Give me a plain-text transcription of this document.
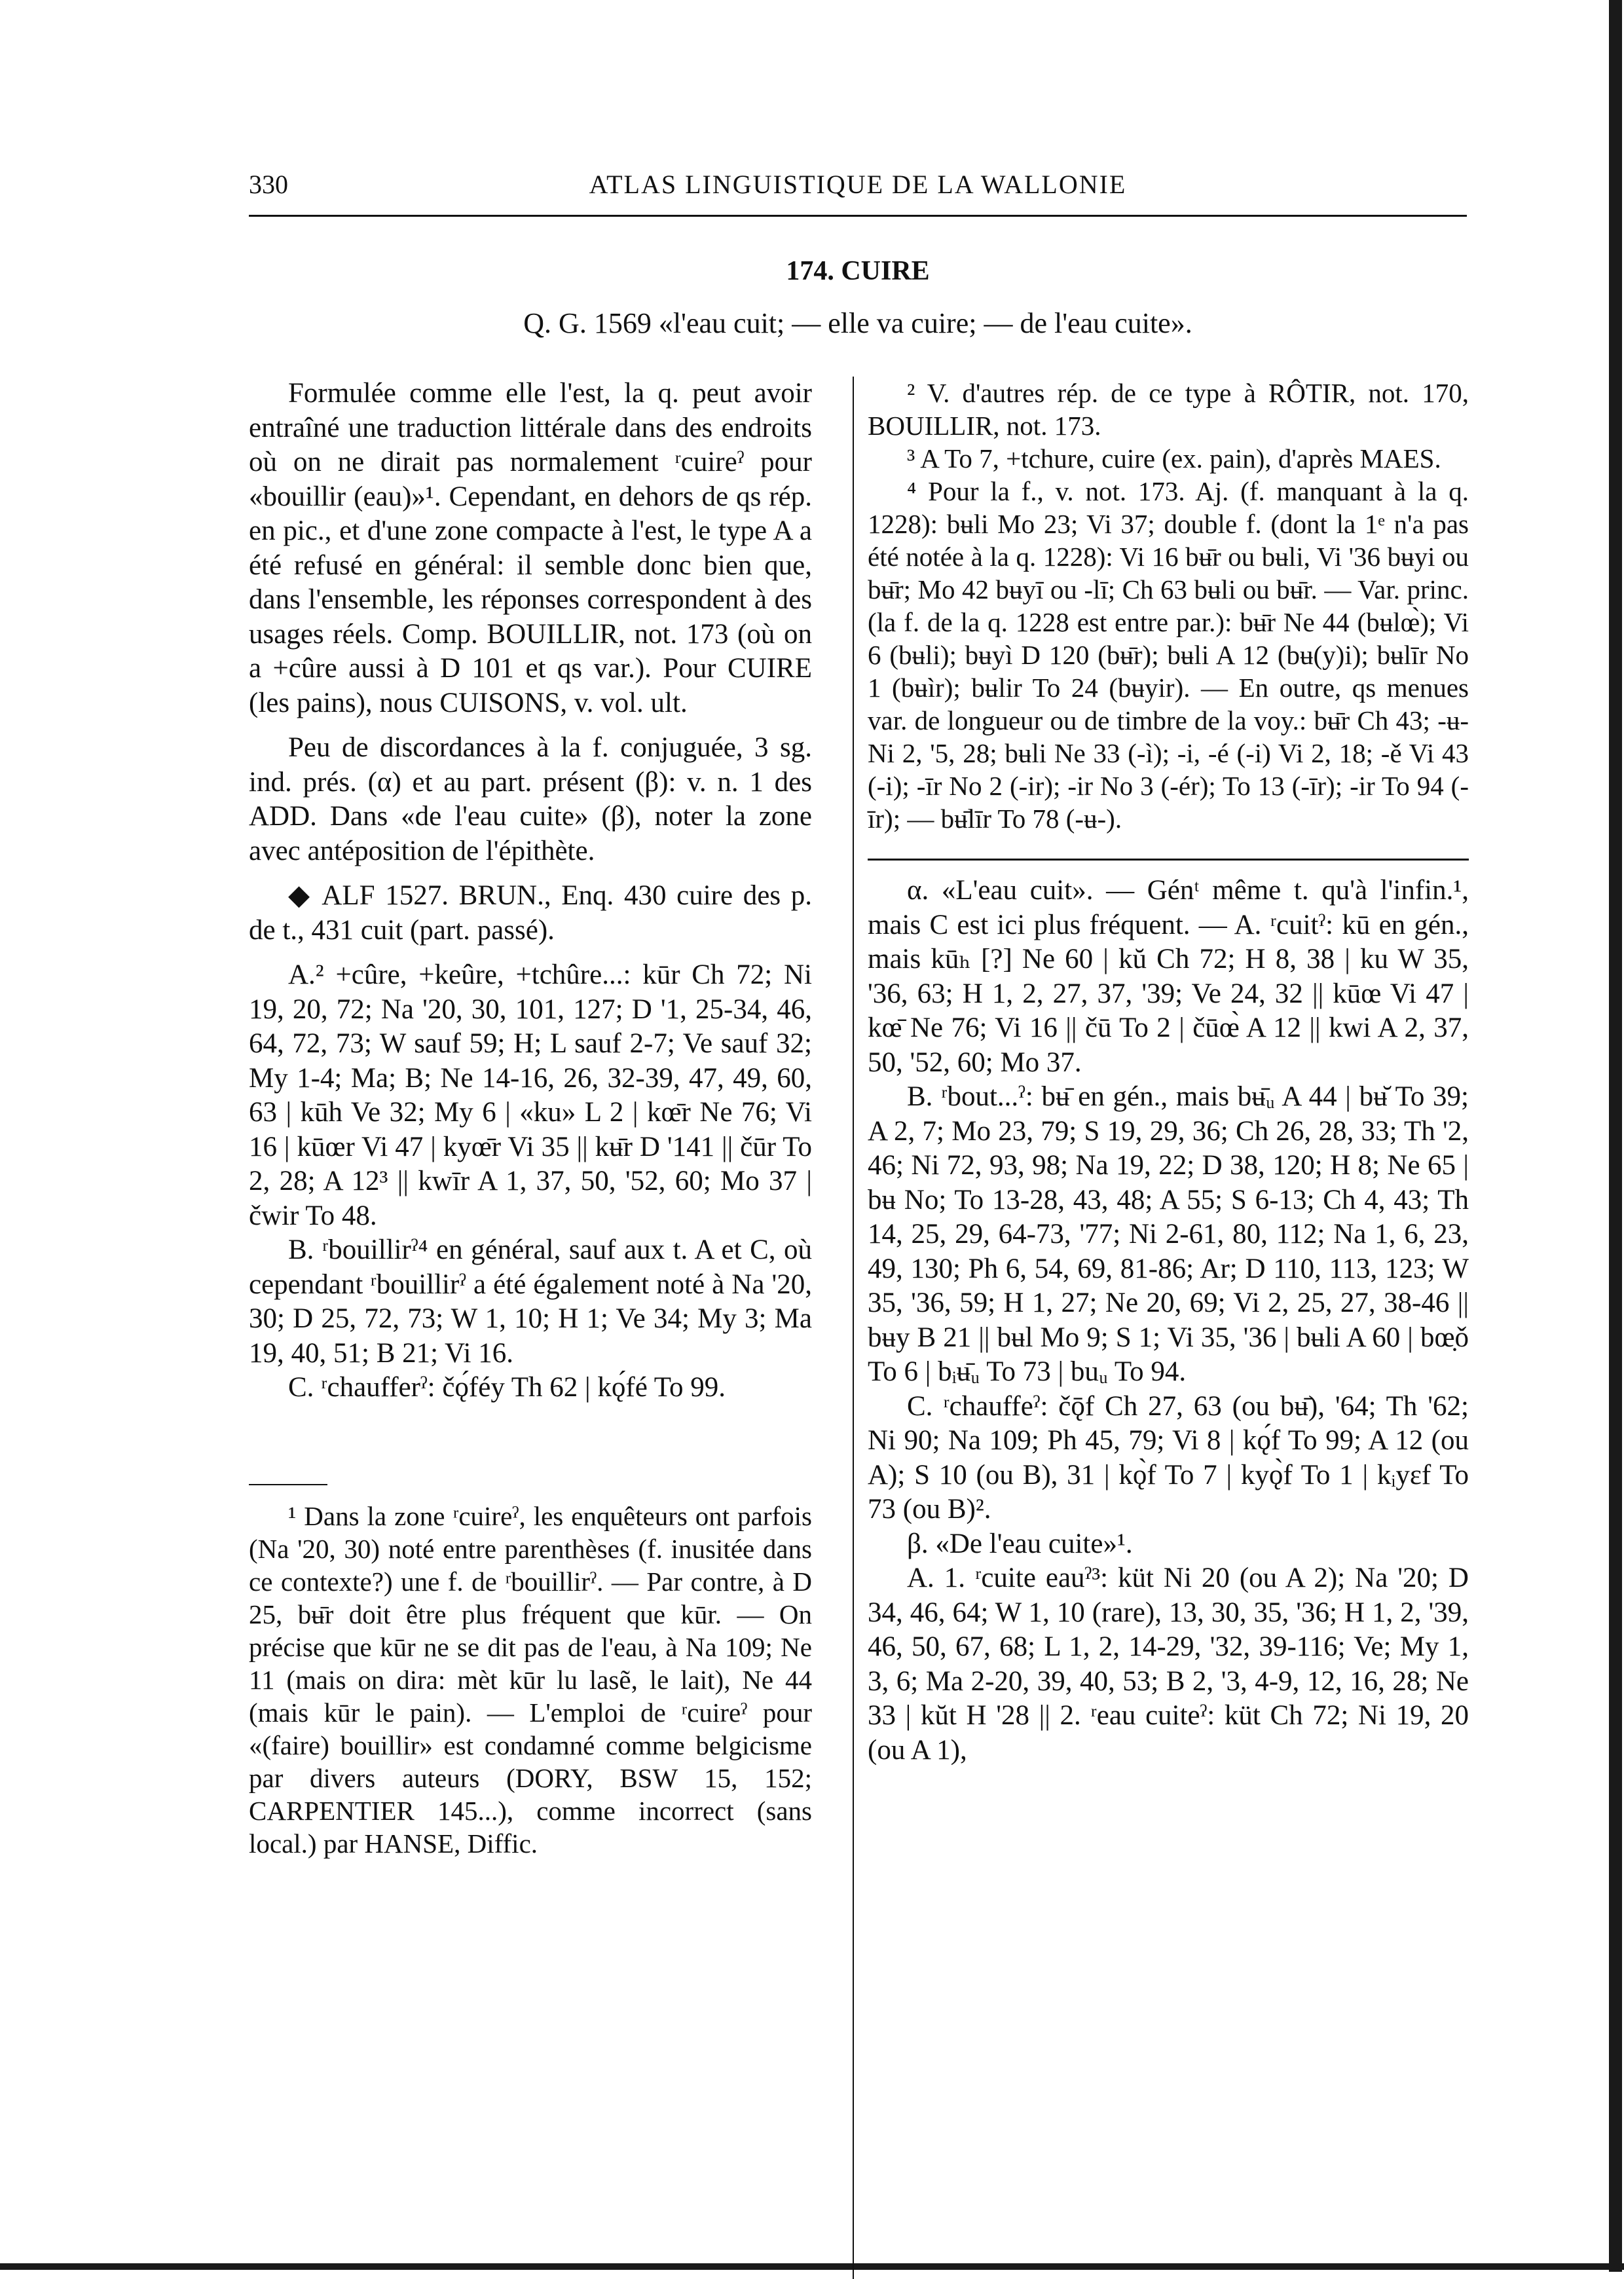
330	ATLAS LINGUISTIQUE DE LA WALLONIE
174. CUIRE
Q. G. 1569 «l'eau cuit; — elle va cuire; — de l'eau cuite».

Formulée comme elle l'est, la q. peut avoir entraîné une traduction littérale dans des endroits où on ne dirait pas normalement ʳcuireˀ pour «bouillir (eau)»¹. Cependant, en dehors de qs rép. en pic., et d'une zone compacte à l'est, le type A a été refusé en général: il semble donc bien que, dans l'ensemble, les réponses correspondent à des usages réels. Comp. BOUILLIR, not. 173 (où on a +cûre aussi à D 101 et qs var.). Pour CUIRE (les pains), nous CUISONS, v. vol. ult.

Peu de discordances à la f. conjuguée, 3 sg. ind. prés. (α) et au part. présent (β): v. n. 1 des ADD. Dans «de l'eau cuite» (β), noter la zone avec antéposition de l'épithète.

◆ ALF 1527. BRUN., Enq. 430 cuire des p. de t., 431 cuit (part. passé).

A.² +cûre, +keûre, +tchûre...: kūr Ch 72; Ni 19, 20, 72; Na '20, 30, 101, 127; D '1, 25-34, 46, 64, 72, 73; W sauf 59; H; L sauf 2-7; Ve sauf 32; My 1-4; Ma; B; Ne 14-16, 26, 32-39, 47, 49, 60, 63 | kūh Ve 32; My 6 | «ku» L 2 | kœ̄r Ne 76; Vi 16 | kūœr Vi 47 | kyœ̄r Vi 35 || kʉ̄r D '141 || čūr To 2, 28; A 12³ || kwīr A 1, 37, 50, '52, 60; Mo 37 | čwir To 48.

B. ʳbouillirˀ⁴ en général, sauf aux t. A et C, où cependant ʳbouillirˀ a été également noté à Na '20, 30; D 25, 72, 73; W 1, 10; H 1; Ve 34; My 3; Ma 19, 40, 51; B 21; Vi 16.

C. ʳchaufferˀ: čǫ́féy Th 62 | kǫ́fé To 99.

¹ Dans la zone ʳcuireˀ, les enquêteurs ont parfois (Na '20, 30) noté entre parenthèses (f. inusitée dans ce contexte?) une f. de ʳbouillirˀ. — Par contre, à D 25, bʉ̄r doit être plus fréquent que kūr. — On précise que kūr ne se dit pas de l'eau, à Na 109; Ne 11 (mais on dira: mèt kūr lu lasẽ, le lait), Ne 44 (mais kūr le pain). — L'emploi de ʳcuireˀ pour «(faire) bouillir» est condamné comme belgicisme par divers auteurs (DORY, BSW 15, 152; CARPENTIER 145...), comme incorrect (sans local.) par HANSE, Diffic.

² V. d'autres rép. de ce type à RÔTIR, not. 170, BOUILLIR, not. 173.

³ A To 7, +tchure, cuire (ex. pain), d'après MAES.

⁴ Pour la f., v. not. 173. Aj. (f. manquant à la q. 1228): bʉli Mo 23; Vi 37; double f. (dont la 1ᵉ n'a pas été notée à la q. 1228): Vi 16 bʉ̄r ou bʉli, Vi '36 bʉyi ou bʉ̄r; Mo 42 bʉyī ou -lī; Ch 63 bʉli ou bʉ̄r. — Var. princ. (la f. de la q. 1228 est entre par.): bʉ̄r Ne 44 (bʉlœ̀); Vi 6 (bʉli); bʉyì D 120 (bʉ̄r); bʉli A 12 (bʉ(y)i); bʉlīr No 1 (bʉìr); bʉlir To 24 (bʉyir). — En outre, qs menues var. de longueur ou de timbre de la voy.: bʉ̄r Ch 43; -ʉ- Ni 2, '5, 28; bʉli Ne 33 (-ì); -i, -é (-i) Vi 2, 18; -ě Vi 43 (-i); -īr No 2 (-ir); -ir No 3 (-ér); To 13 (-īr); -ir To 94 (-īr); — bʉ̄līr To 78 (-ʉ-).

α. «L'eau cuit». — Génᵗ même t. qu'à l'infin.¹, mais C est ici plus fréquent. — A. ʳcuitˀ: kū en gén., mais kūₕ [?] Ne 60 | kŭ Ch 72; H 8, 38 | ku W 35, '36, 63; H 1, 2, 27, 37, '39; Ve 24, 32 || kūœ Vi 47 | kœ̄ Ne 76; Vi 16 || čū To 2 | čūœ̀ A 12 || kwi A 2, 37, 50, '52, 60; Mo 37.

B. ʳbout...ˀ: bʉ̄ en gén., mais bʉ̄ᵤ A 44 | bʉ̆ To 39; A 2, 7; Mo 23, 79; S 19, 29, 36; Ch 26, 28, 33; Th '2, 46; Ni 72, 93, 98; Na 19, 22; D 38, 120; H 8; Ne 65 | bʉ No; To 13-28, 43, 48; A 55; S 6-13; Ch 4, 43; Th 14, 25, 29, 64-73, '77; Ni 2-61, 80, 112; Na 1, 6, 23, 49, 130; Ph 6, 54, 69, 81-86; Ar; D 110, 113, 123; W 35, '36, 59; H 1, 27; Ne 20, 69; Vi 2, 25, 27, 38-46 || bʉy B 21 || bʉl Mo 9; S 1; Vi 35, '36 | bʉli A 60 | bœ̣ǒ To 6 | bᵢʉ̄ᵤ To 73 | buᵤ To 94.

C. ʳchauffeˀ: čǭf Ch 27, 63 (ou bʉ̄), '64; Th '62; Ni 90; Na 109; Ph 45, 79; Vi 8 | kǫ́f To 99; A 12 (ou A); S 10 (ou B), 31 | kǫ̀f To 7 | kyǫ̀f To 1 | kᵢyɛf To 73 (ou B)².

β. «De l'eau cuite»¹.

A. 1. ʳcuite eauˀ³: küt Ni 20 (ou A 2); Na '20; D 34, 46, 64; W 1, 10 (rare), 13, 30, 35, '36; H 1, 2, '39, 46, 50, 67, 68; L 1, 2, 14-29, '32, 39-116; Ve; My 1, 3, 6; Ma 2-20, 39, 40, 53; B 2, '3, 4-9, 12, 16, 28; Ne 33 | kŭt H '28 || 2. ʳeau cuiteˀ: küt Ch 72; Ni 19, 20 (ou A 1),
